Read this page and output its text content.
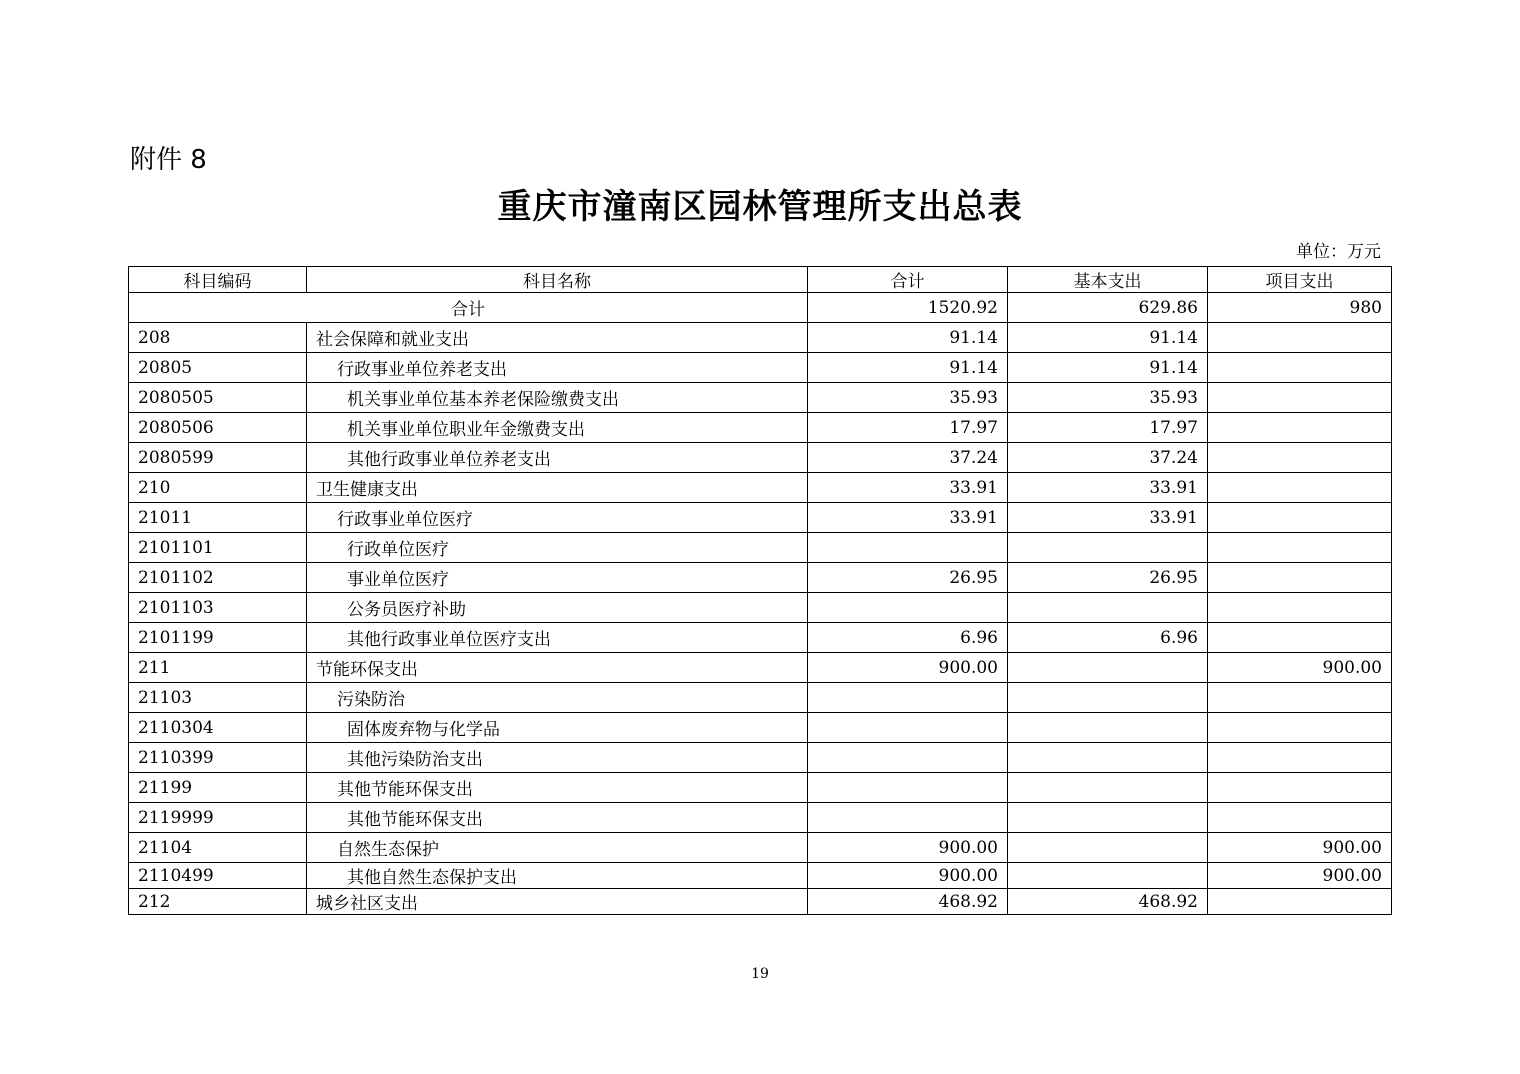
附件 8
重庆市潼南区园林管理所支出总表
单位：万元
科目编码	科目名称	合计	基本支出	项目支出
合计		1520.92	629.86	980
208	社会保障和就业支出	91.14	91.14	
20805	行政事业单位养老支出	91.14	91.14	
2080505	机关事业单位基本养老保险缴费支出	35.93	35.93	
2080506	机关事业单位职业年金缴费支出	17.97	17.97	
2080599	其他行政事业单位养老支出	37.24	37.24	
210	卫生健康支出	33.91	33.91	
21011	行政事业单位医疗	33.91	33.91	
2101101	行政单位医疗			
2101102	事业单位医疗	26.95	26.95	
2101103	公务员医疗补助			
2101199	其他行政事业单位医疗支出	6.96	6.96	
211	节能环保支出	900.00		900.00
21103	污染防治			
2110304	固体废弃物与化学品			
2110399	其他污染防治支出			
21199	其他节能环保支出			
2119999	其他节能环保支出			
21104	自然生态保护	900.00		900.00
2110499	其他自然生态保护支出	900.00		900.00
212	城乡社区支出	468.92	468.92	
19
